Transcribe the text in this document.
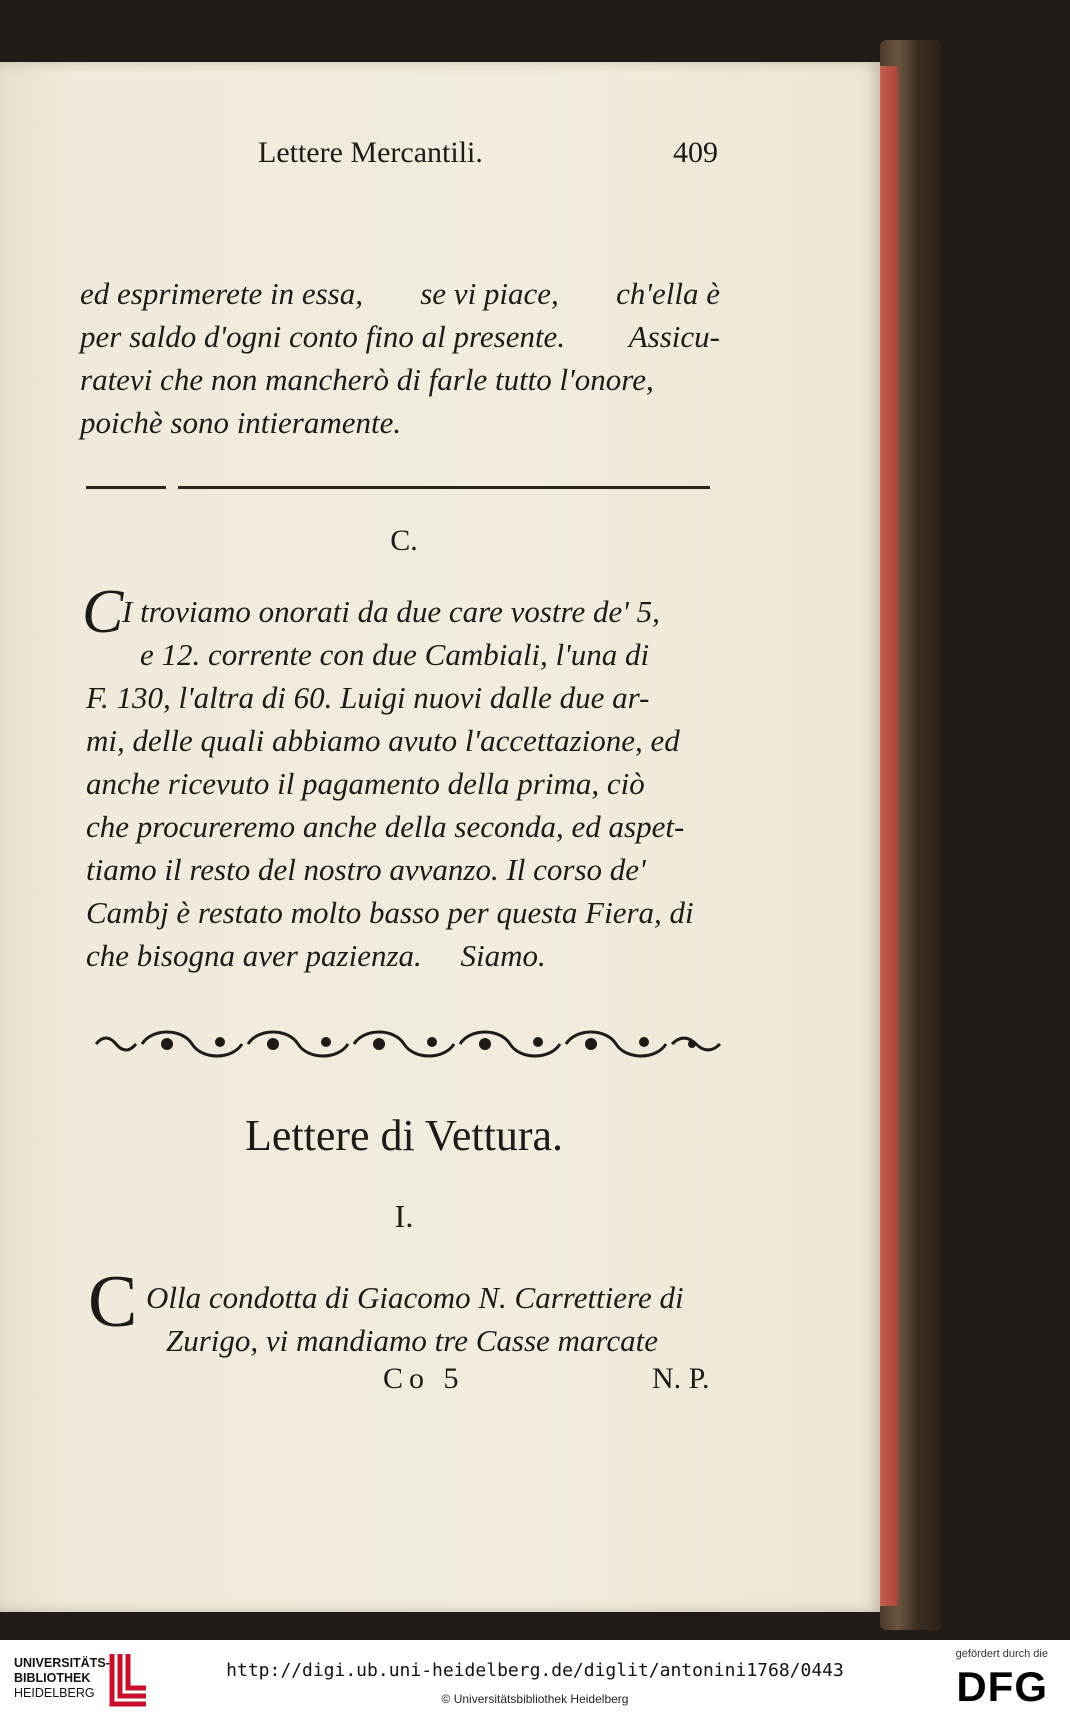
Lettere Mercantili.	409
ed esprimerete in essa, se vi piace, ch'ella è
per saldo d'ogni conto fino al presente. Assicu-
ratevi che non mancherò di farle tutto l'onore,
poichè sono intieramente.
C.
C
I troviamo onorati da due care vostre de' 5,
e 12. corrente con due Cambiali, l'una di
F. 130, l'altra di 60. Luigi nuovi dalle due ar-
mi, delle quali abbiamo avuto l'accettazione, ed
anche ricevuto il pagamento della prima, ciò
che procureremo anche della seconda, ed aspet-
tiamo il resto del nostro avvanzo. Il corso de'
Cambj è restato molto basso per questa Fiera, di
che bisogna aver pazienza.     Siamo.
Lettere di Vettura.
I.
C Olla condotta di Giacomo N. Carrettiere di
Zurigo, vi mandiamo tre Casse marcate
Co 5	N. P.
UNIVERSITÄTS-
BIBLIOTHEK
HEIDELBERG
http://digi.ub.uni-heidelberg.de/diglit/antonini1768/0443
© Universitätsbibliothek Heidelberg
gefördert durch die
DFG
